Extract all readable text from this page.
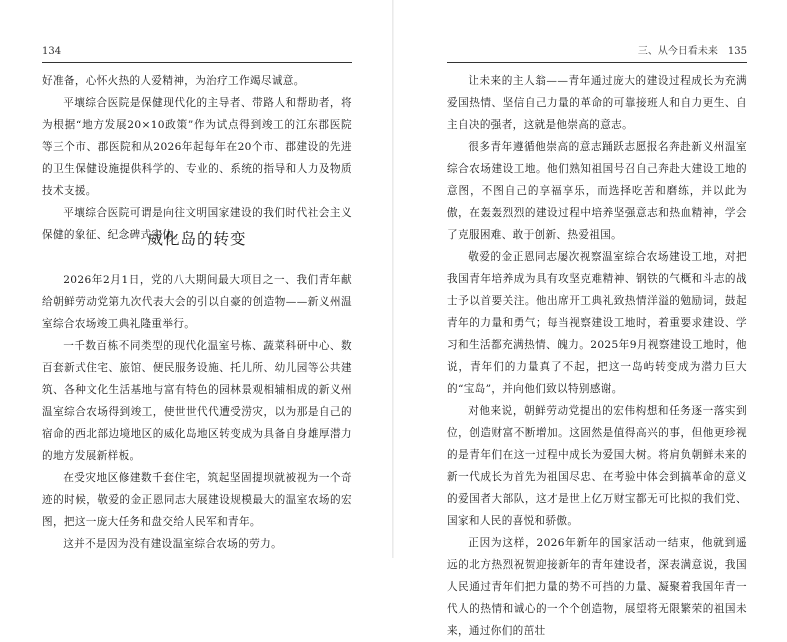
134

好准备，心怀火热的人爱精神，为治疗工作竭尽诚意。

平壤综合医院是保健现代化的主导者、带路人和帮助者，将为根据“地方发展20×10政策”作为试点得到竣工的江东郡医院等三个市、郡医院和从2026年起每年在20个市、郡建设的先进的卫生保健设施提供科学的、专业的、系统的指导和人力及物质技术支援。

平壤综合医院可谓是向往文明国家建设的我们时代社会主义保健的象征、纪念碑式实体。

威化岛的转变

2026年2月1日，党的八大期间最大项目之一、我们青年献给朝鲜劳动党第九次代表大会的引以自豪的创造物——新义州温室综合农场竣工典礼隆重举行。

一千数百栋不同类型的现代化温室号栋、蔬菜科研中心、数百套新式住宅、旅馆、便民服务设施、托儿所、幼儿园等公共建筑、各种文化生活基地与富有特色的园林景观相辅相成的新义州温室综合农场得到竣工，使世世代代遭受涝灾，以为那是自己的宿命的西北部边境地区的威化岛地区转变成为具备自身雄厚潜力的地方发展新样板。

在受灾地区修建数千套住宅，筑起坚固提坝就被视为一个奇迹的时候，敬爱的金正恩同志大展建设规模最大的温室农场的宏图，把这一庞大任务和盘交给人民军和青年。

这并不是因为没有建设温室综合农场的劳力。

三、从今日看未来　135

让未来的主人翁——青年通过庞大的建设过程成长为充满爱国热情、坚信自己力量的革命的可靠接班人和自力更生、自主自决的强者，这就是他崇高的意志。

很多青年遵循他崇高的意志踊跃志愿报名奔赴新义州温室综合农场建设工地。他们熟知祖国号召自己奔赴大建设工地的意图，不图自己的享福享乐，而选择吃苦和磨练，并以此为傲，在轰轰烈烈的建设过程中培养坚强意志和热血精神，学会了克服困难、敢于创新、热爱祖国。

敬爱的金正恩同志屡次视察温室综合农场建设工地，对把我国青年培养成为具有攻坚克难精神、钢铁的气概和斗志的战士予以首要关注。他出席开工典礼致热情洋溢的勉励词，鼓起青年的力量和勇气；每当视察建设工地时，着重要求建设、学习和生活都充满热情、魄力。2025年9月视察建设工地时，他说，青年们的力量真了不起，把这一岛屿转变成为潜力巨大的“宝岛”，并向他们致以特别感谢。

对他来说，朝鲜劳动党提出的宏伟构想和任务逐一落实到位，创造财富不断增加。这固然是值得高兴的事，但他更珍视的是青年们在这一过程中成长为爱国大树。将肩负朝鲜未来的新一代成长为首先为祖国尽忠、在考验中体会到搞革命的意义的爱国者大部队，这才是世上亿万财宝都无可比拟的我们党、国家和人民的喜悦和骄傲。

正因为这样，2026年新年的国家活动一结束，他就到遥远的北方热烈祝贺迎接新年的青年建设者，深表满意说，我国人民通过青年们把力量的势不可挡的力量、凝聚着我国年青一代人的热情和诚心的一个个创造物，展望将无限繁荣的祖国未来，通过你们的茁壮
